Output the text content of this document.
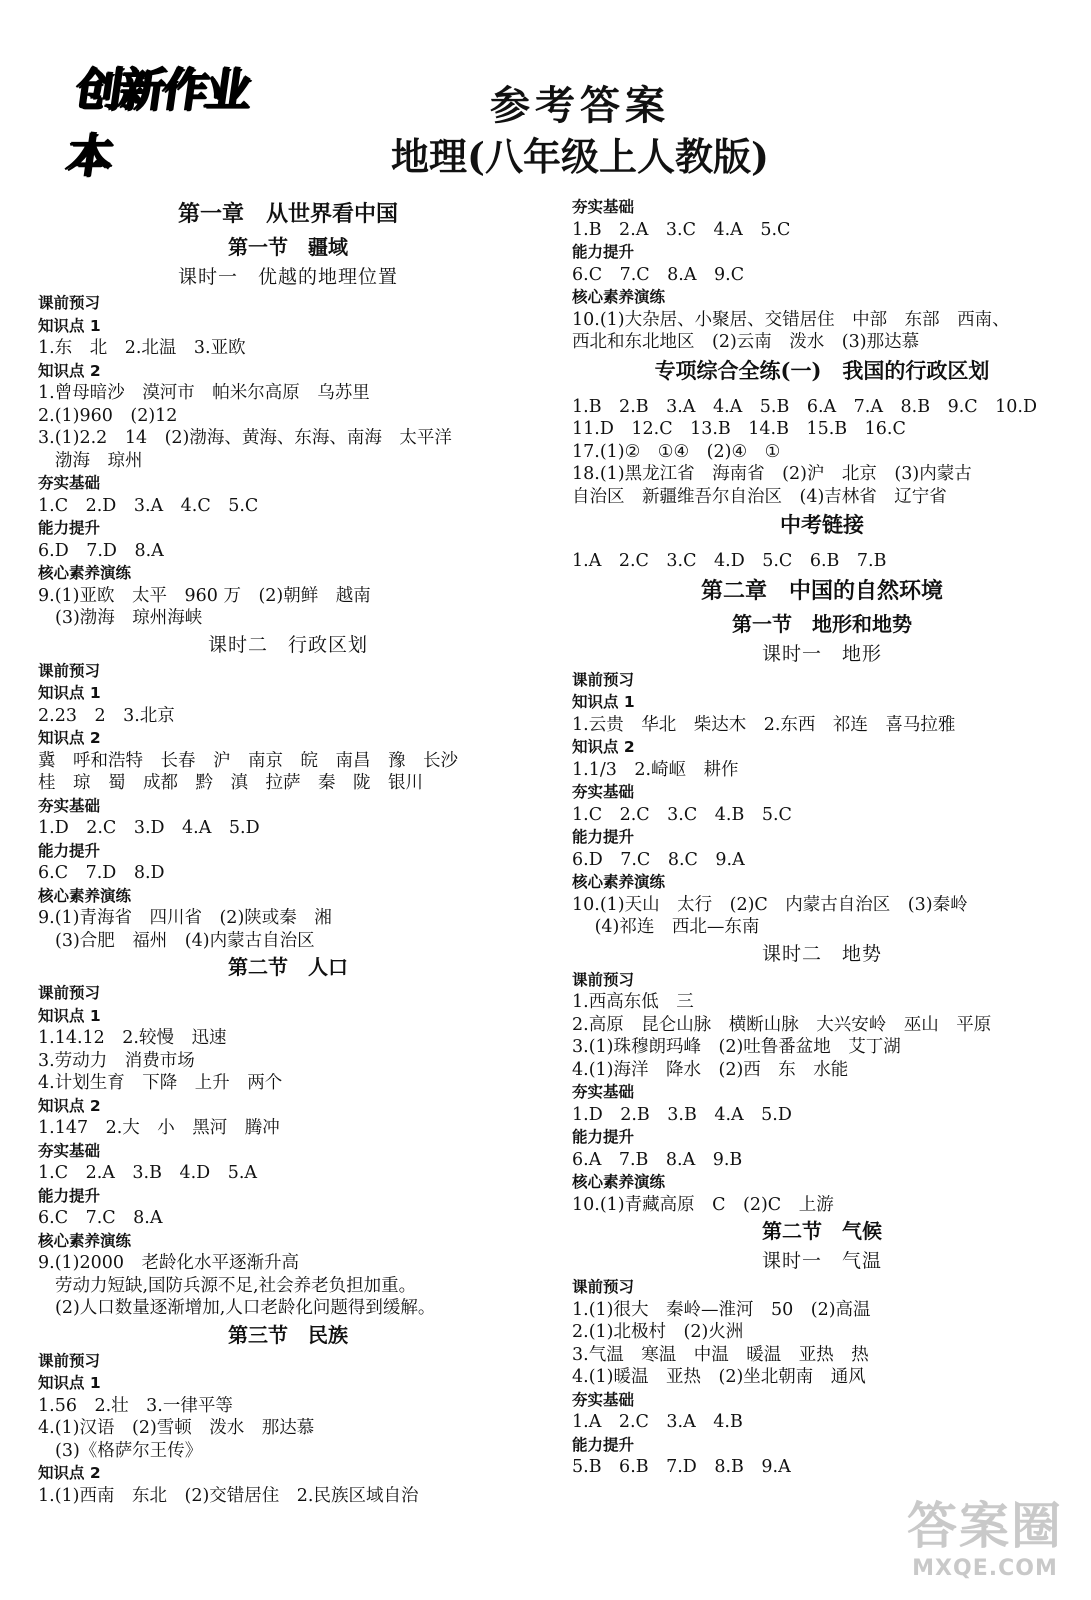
创新作业本
参考答案
地理(八年级上人教版)
第一章　从世界看中国
第一节　疆域
课时一　优越的地理位置
课前预习
知识点 1
1.东　北　2.北温　3.亚欧
知识点 2
1.曾母暗沙　漠河市　帕米尔高原　乌苏里
2.(1)960　(2)12
3.(1)2.2　14　(2)渤海、黄海、东海、南海　太平洋
渤海　琼州
夯实基础
1.C　2.D　3.A　4.C　5.C
能力提升
6.D　7.D　8.A
核心素养演练
9.(1)亚欧　太平　960 万　(2)朝鲜　越南
(3)渤海　琼州海峡
课时二　行政区划
课前预习
知识点 1
2.23　2　3.北京
知识点 2
冀　呼和浩特　长春　沪　南京　皖　南昌　豫　长沙
桂　琼　蜀　成都　黔　滇　拉萨　秦　陇　银川
夯实基础
1.D　2.C　3.D　4.A　5.D
能力提升
6.C　7.D　8.D
核心素养演练
9.(1)青海省　四川省　(2)陕或秦　湘
(3)合肥　福州　(4)内蒙古自治区
第二节　人口
课前预习
知识点 1
1.14.12　2.较慢　迅速
3.劳动力　消费市场
4.计划生育　下降　上升　两个
知识点 2
1.147　2.大　小　黑河　腾冲
夯实基础
1.C　2.A　3.B　4.D　5.A
能力提升
6.C　7.C　8.A
核心素养演练
9.(1)2000　老龄化水平逐渐升高
劳动力短缺,国防兵源不足,社会养老负担加重。
(2)人口数量逐渐增加,人口老龄化问题得到缓解。
第三节　民族
课前预习
知识点 1
1.56　2.壮　3.一律平等
4.(1)汉语　(2)雪顿　泼水　那达慕
(3)《格萨尔王传》
知识点 2
1.(1)西南　东北　(2)交错居住　2.民族区域自治
夯实基础
1.B　2.A　3.C　4.A　5.C
能力提升
6.C　7.C　8.A　9.C
核心素养演练
10.(1)大杂居、小聚居、交错居住　中部　东部　西南、
西北和东北地区　(2)云南　泼水　(3)那达慕
专项综合全练(一)　我国的行政区划
1.B　2.B　3.A　4.A　5.B　6.A　7.A　8.B　9.C　10.D
11.D　12.C　13.B　14.B　15.B　16.C
17.(1)②　①④　(2)④　①
18.(1)黑龙江省　海南省　(2)沪　北京　(3)内蒙古
自治区　新疆维吾尔自治区　(4)吉林省　辽宁省
中考链接
1.A　2.C　3.C　4.D　5.C　6.B　7.B
第二章　中国的自然环境
第一节　地形和地势
课时一　地形
课前预习
知识点 1
1.云贵　华北　柴达木　2.东西　祁连　喜马拉雅
知识点 2
1.1/3　2.崎岖　耕作
夯实基础
1.C　2.C　3.C　4.B　5.C
能力提升
6.D　7.C　8.C　9.A
核心素养演练
10.(1)天山　太行　(2)C　内蒙古自治区　(3)秦岭
(4)祁连　西北—东南
课时二　地势
课前预习
1.西高东低　三
2.高原　昆仑山脉　横断山脉　大兴安岭　巫山　平原
3.(1)珠穆朗玛峰　(2)吐鲁番盆地　艾丁湖
4.(1)海洋　降水　(2)西　东　水能
夯实基础
1.D　2.B　3.B　4.A　5.D
能力提升
6.A　7.B　8.A　9.B
核心素养演练
10.(1)青藏高原　C　(2)C　上游
第二节　气候
课时一　气温
课前预习
1.(1)很大　秦岭—淮河　50　(2)高温
2.(1)北极村　(2)火洲
3.气温　寒温　中温　暖温　亚热　热
4.(1)暖温　亚热　(2)坐北朝南　通风
夯实基础
1.A　2.C　3.A　4.B
能力提升
5.B　6.B　7.D　8.B　9.A
答案圈
MXQE.COM
